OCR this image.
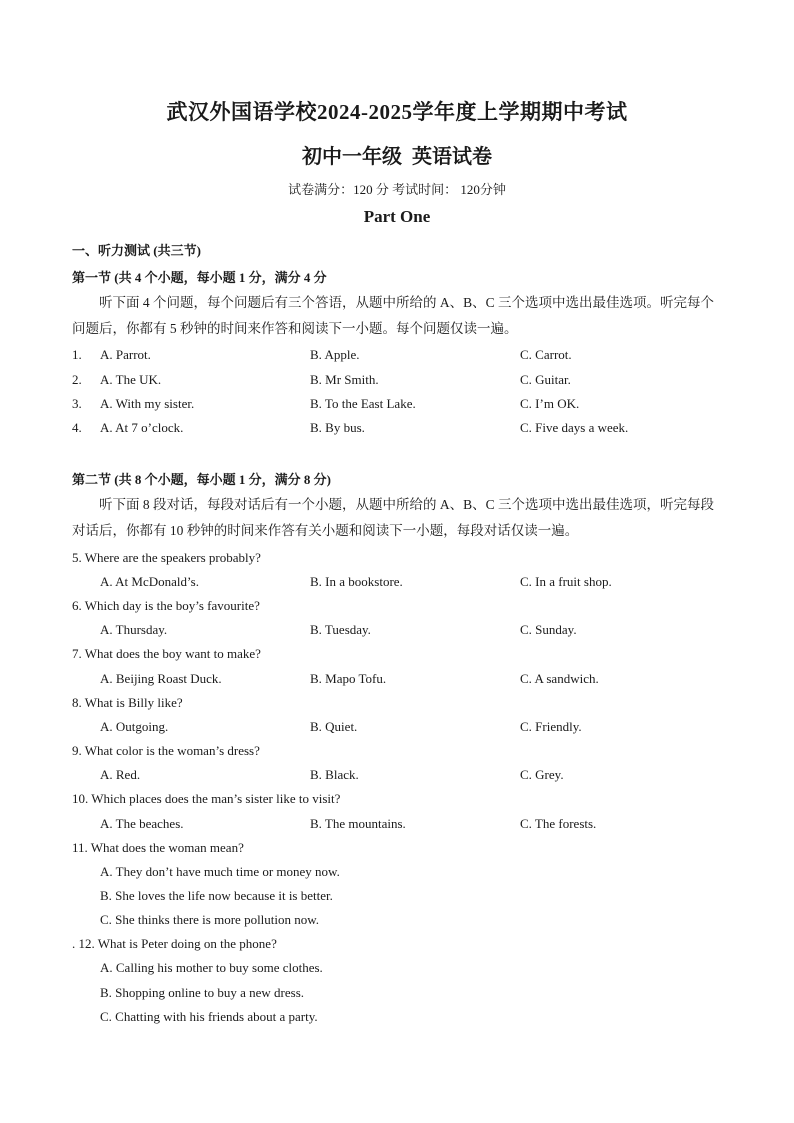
武汉外国语学校2024-2025学年度上学期期中考试
初中一年级 英语试卷
试卷满分：120 分 考试时间： 120分钟
Part One
一、听力测试 (共三节)
第一节 (共 4 个小题，每小题 1 分，满分 4 分
听下面 4 个问题，每个问题后有三个答语，从题中所给的 A、B、C 三个选项中选出最佳选项。听完每个问题后，你都有 5 秒钟的时间来作答和阅读下一小题。每个问题仅读一遍。
1. A. Parrot.	B. Apple.	C. Carrot.
2. A. The UK.	B. Mr Smith.	C. Guitar.
3. A. With my sister.	B. To the East Lake.	C. I’m OK.
4. A. At 7 o’clock.	B. By bus.	C. Five days a week.
第二节 (共 8 个小题，每小题 1 分，满分 8 分)
听下面 8 段对话，每段对话后有一个小题，从题中所给的 A、B、C 三个选项中选出最佳选项，听完每段对话后，你都有 10 秒钟的时间来作答有关小题和阅读下一小题，每段对话仅读一遍。
5. Where are the speakers probably?
A. At McDonald’s.	B. In a bookstore.	C. In a fruit shop.
6. Which day is the boy’s favourite?
A. Thursday.	B. Tuesday.	C. Sunday.
7. What does the boy want to make?
A. Beijing Roast Duck.	B. Mapo Tofu.	C. A sandwich.
8. What is Billy like?
A. Outgoing.	B. Quiet.	C. Friendly.
9. What color is the woman’s dress?
A. Red.	B. Black.	C. Grey.
10. Which places does the man’s sister like to visit?
A. The beaches.	B. The mountains.	C. The forests.
11. What does the woman mean?
A. They don’t have much time or money now.
B. She loves the life now because it is better.
C. She thinks there is more pollution now.
. 12. What is Peter doing on the phone?
A. Calling his mother to buy some clothes.
B. Shopping online to buy a new dress.
C. Chatting with his friends about a party.
